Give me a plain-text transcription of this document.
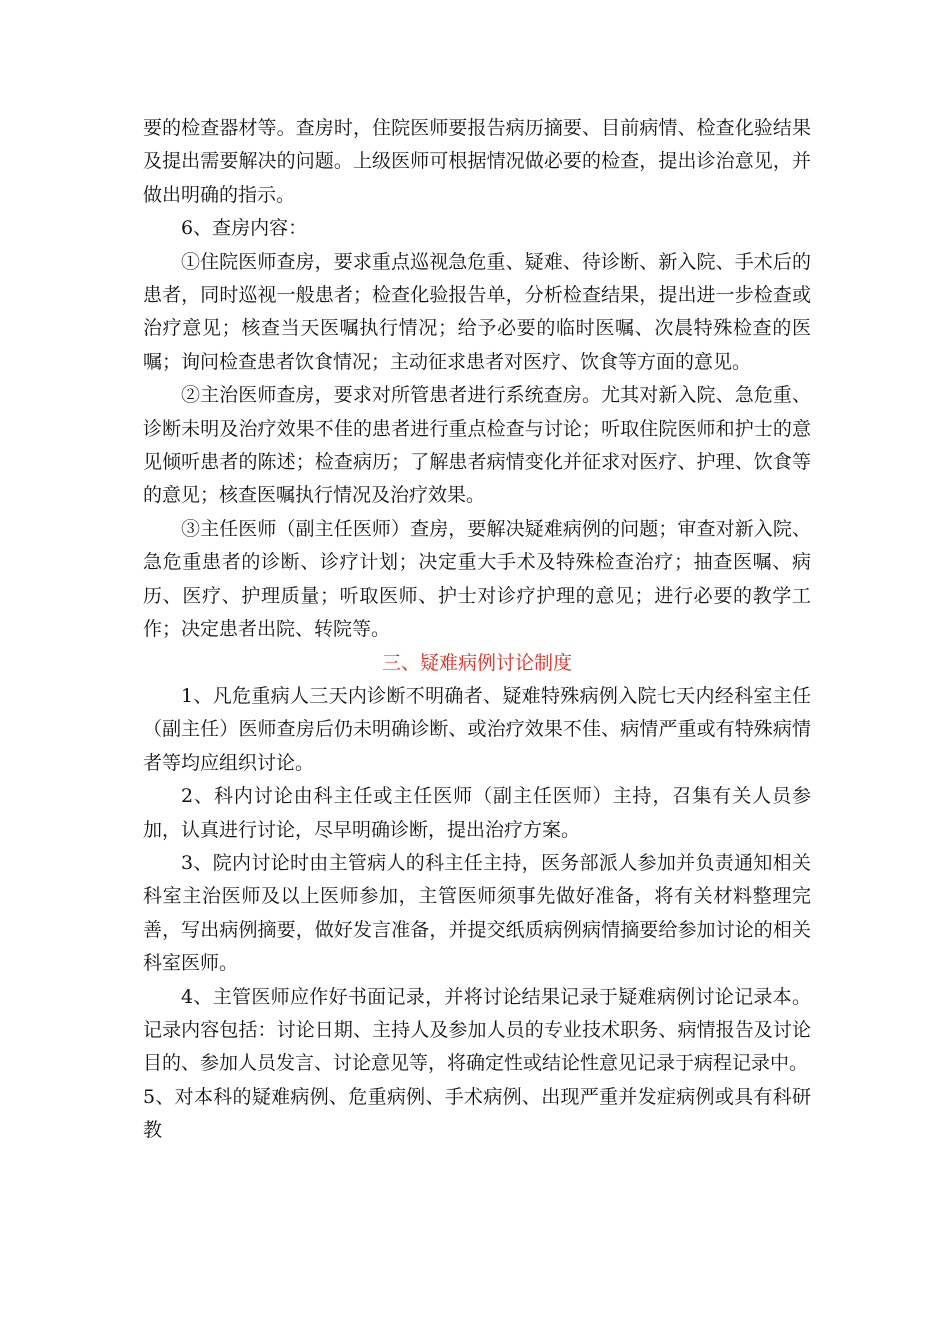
要的检查器材等。查房时，住院医师要报告病历摘要、目前病情、检查化验结果及提出需要解决的问题。上级医师可根据情况做必要的检查，提出诊治意见，并做出明确的指示。

6、查房内容：

①住院医师查房，要求重点巡视急危重、疑难、待诊断、新入院、手术后的患者，同时巡视一般患者；检查化验报告单，分析检查结果，提出进一步检查或治疗意见；核查当天医嘱执行情况；给予必要的临时医嘱、次晨特殊检查的医嘱；询问检查患者饮食情况；主动征求患者对医疗、饮食等方面的意见。

②主治医师查房，要求对所管患者进行系统查房。尤其对新入院、急危重、诊断未明及治疗效果不佳的患者进行重点检查与讨论；听取住院医师和护士的意见倾听患者的陈述；检查病历；了解患者病情变化并征求对医疗、护理、饮食等的意见；核查医嘱执行情况及治疗效果。

③主任医师（副主任医师）查房，要解决疑难病例的问题；审查对新入院、急危重患者的诊断、诊疗计划；决定重大手术及特殊检查治疗；抽查医嘱、病历、医疗、护理质量；听取医师、护士对诊疗护理的意见；进行必要的教学工作；决定患者出院、转院等。

三、疑难病例讨论制度

1、凡危重病人三天内诊断不明确者、疑难特殊病例入院七天内经科室主任（副主任）医师查房后仍未明确诊断、或治疗效果不佳、病情严重或有特殊病情者等均应组织讨论。

2、科内讨论由科主任或主任医师（副主任医师）主持，召集有关人员参加，认真进行讨论，尽早明确诊断，提出治疗方案。

3、院内讨论时由主管病人的科主任主持，医务部派人参加并负责通知相关科室主治医师及以上医师参加，主管医师须事先做好准备，将有关材料整理完善，写出病例摘要，做好发言准备，并提交纸质病例病情摘要给参加讨论的相关科室医师。

4、主管医师应作好书面记录，并将讨论结果记录于疑难病例讨论记录本。记录内容包括：讨论日期、主持人及参加人员的专业技术职务、病情报告及讨论目的、参加人员发言、讨论意见等，将确定性或结论性意见记录于病程记录中。

5、对本科的疑难病例、危重病例、手术病例、出现严重并发症病例或具有科研教
